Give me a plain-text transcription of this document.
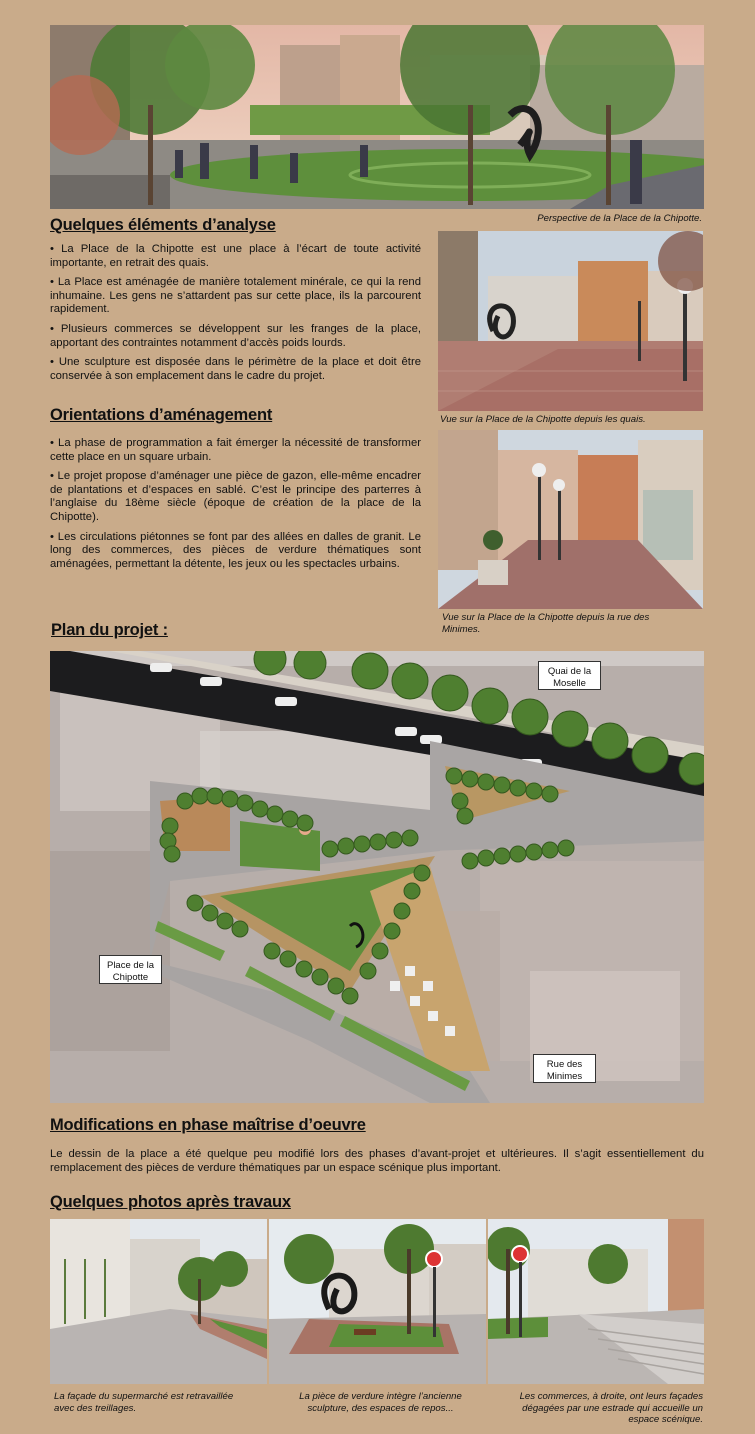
Perspective de la Place de la Chipotte.
Quelques éléments d’analyse

• La Place de la Chipotte est une place à l’écart de toute activité importante, en retrait des quais.

• La Place est aménagée de manière totalement minérale, ce qui la rend inhumaine. Les gens ne s’attardent pas sur cette place, ils la parcourent rapidement.

• Plusieurs commerces se développent sur les franges de la place, apportant des contraintes notamment d’accès poids lourds.

• Une sculpture est disposée dans le périmètre de la place et doit être conservée à son emplacement dans le cadre du projet.

Orientations d’aménagement

• La phase de programmation a fait émerger la nécessité de transformer cette place en un square urbain.

• Le projet propose d’aménager une pièce de gazon, elle-même encadrer de plantations et d’espaces en sablé. C’est le principe des parterres à l’anglaise du 18ème siècle (époque de création de la place de la Chipotte).

• Les circulations piétonnes se font par des allées en dalles de granit. Le long des commerces, des pièces de verdure thématiques sont aménagées, permettant la détente, les jeux ou les spectacles urbains.

Vue sur la Place de la Chipotte depuis les quais.
Vue sur la Place de la Chipotte depuis la rue des Minimes.
Plan du projet :
Quai de la Moselle
Place de la Chipotte
Rue des Minimes
Modifications en phase maîtrise d’oeuvre

Le dessin de la place a été quelque peu modifié lors des phases d’avant-projet et ultérieures. Il s’agit essentiellement du remplacement des pièces de verdure thématiques par un espace scénique plus important.

Quelques photos après travaux
La façade du supermarché est retravaillée avec des treillages.
La pièce de verdure intègre l’ancienne sculpture, des espaces de repos...
Les commerces, à droite, ont leurs façades dégagées par une estrade qui accueille un espace scénique.
